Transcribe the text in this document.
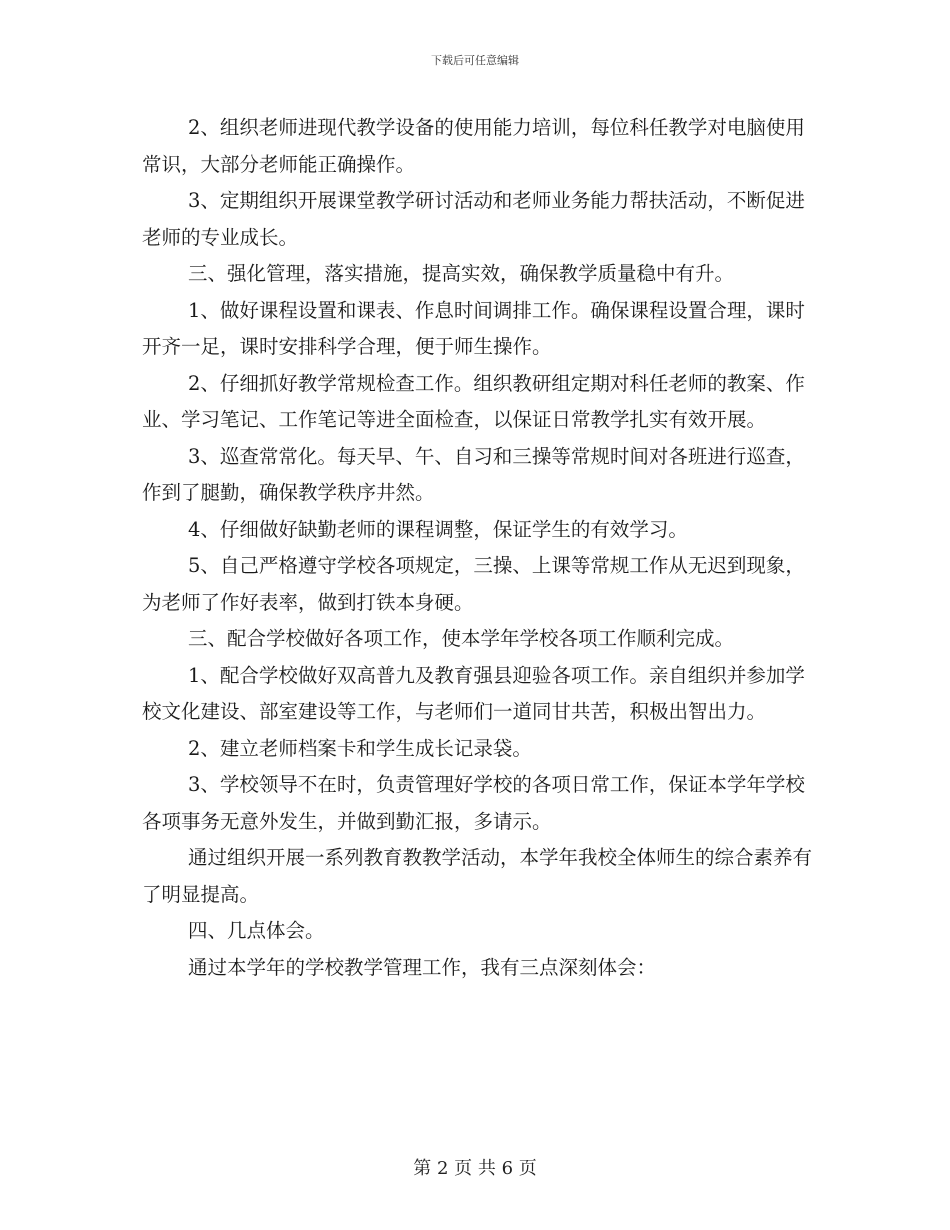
下载后可任意编辑

2、组织老师进现代教学设备的使用能力培训，每位科任教学对电脑使用常识，大部分老师能正确操作。

3、定期组织开展课堂教学研讨活动和老师业务能力帮扶活动，不断促进老师的专业成长。

三、强化管理，落实措施，提高实效，确保教学质量稳中有升。

1、做好课程设置和课表、作息时间调排工作。确保课程设置合理，课时开齐一足，课时安排科学合理，便于师生操作。

2、仔细抓好教学常规检查工作。组织教研组定期对科任老师的教案、作业、学习笔记、工作笔记等进全面检查，以保证日常教学扎实有效开展。

3、巡查常常化。每天早、午、自习和三操等常规时间对各班进行巡查，作到了腿勤，确保教学秩序井然。

4、仔细做好缺勤老师的课程调整，保证学生的有效学习。

5、自己严格遵守学校各项规定，三操、上课等常规工作从无迟到现象，为老师了作好表率，做到打铁本身硬。

三、配合学校做好各项工作，使本学年学校各项工作顺利完成。

1、配合学校做好双高普九及教育强县迎验各项工作。亲自组织并参加学校文化建设、部室建设等工作，与老师们一道同甘共苦，积极出智出力。

2、建立老师档案卡和学生成长记录袋。

3、学校领导不在时，负责管理好学校的各项日常工作，保证本学年学校各项事务无意外发生，并做到勤汇报，多请示。

通过组织开展一系列教育教教学活动，本学年我校全体师生的综合素养有了明显提高。

四、几点体会。

通过本学年的学校教学管理工作，我有三点深刻体会：

第 2 页 共 6 页
